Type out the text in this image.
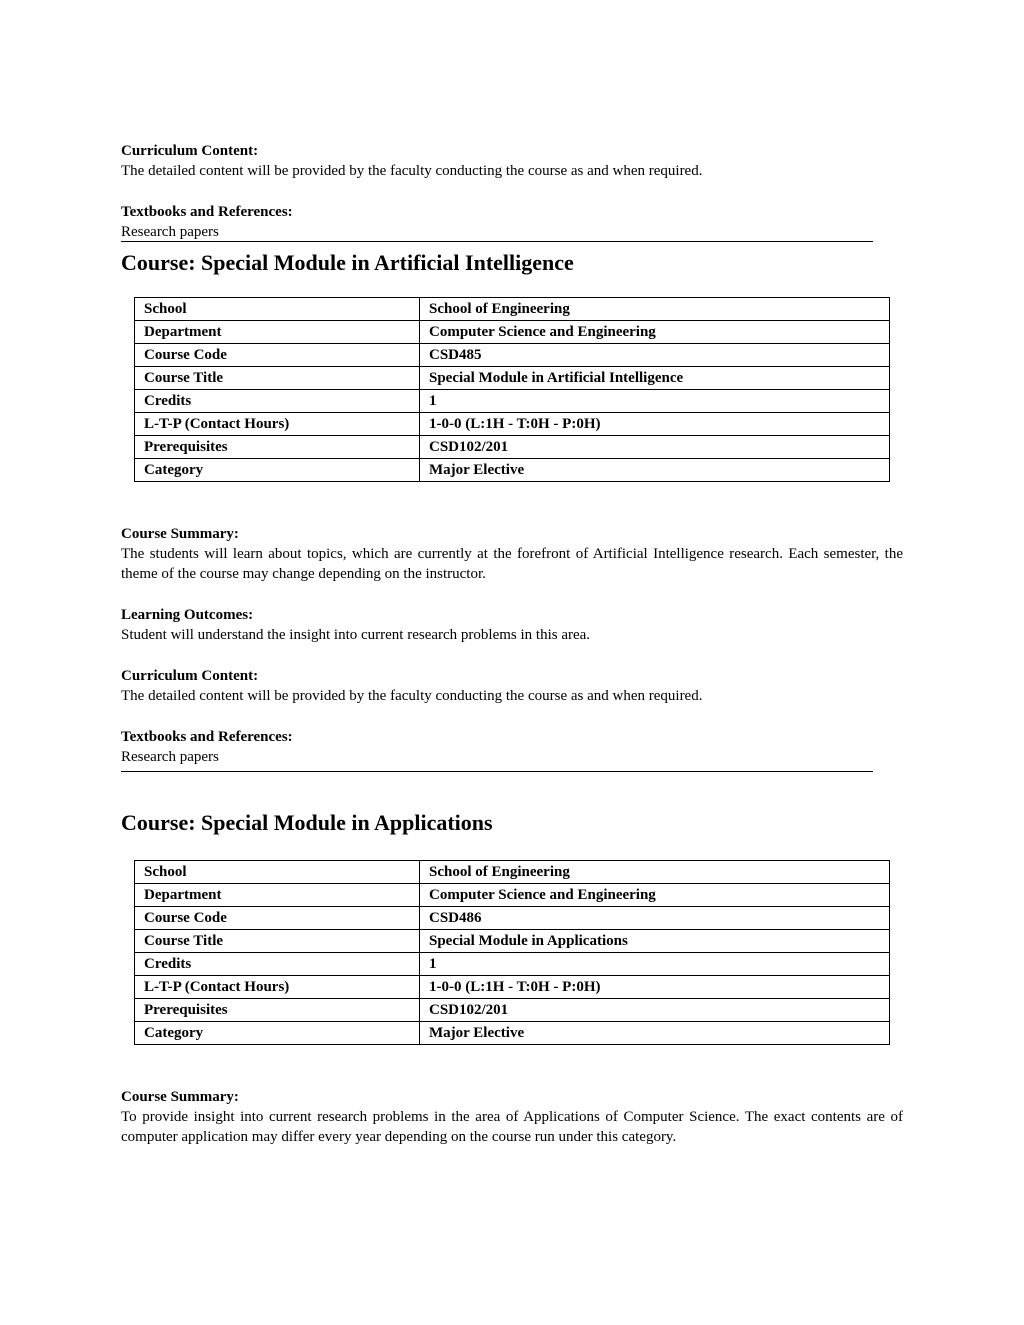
Curriculum Content:
The detailed content will be provided by the faculty conducting the course as and when required.
Textbooks and References:
Research papers
Course: Special Module in Artificial Intelligence
School	School of Engineering
Department	Computer Science and Engineering
Course Code	CSD485
Course Title	Special Module in Artificial Intelligence
Credits	1
L-T-P (Contact Hours)	1-0-0 (L:1H - T:0H - P:0H)
Prerequisites	CSD102/201
Category	Major Elective
Course Summary:
The students will learn about topics, which are currently at the forefront of Artificial Intelligence research. Each semester, the theme of the course may change depending on the instructor.
Learning Outcomes:
Student will understand the insight into current research problems in this area.
Curriculum Content:
The detailed content will be provided by the faculty conducting the course as and when required.
Textbooks and References:
Research papers
Course: Special Module in Applications
School	School of Engineering
Department	Computer Science and Engineering
Course Code	CSD486
Course Title	Special Module in Applications
Credits	1
L-T-P (Contact Hours)	1-0-0 (L:1H - T:0H - P:0H)
Prerequisites	CSD102/201
Category	Major Elective
Course Summary:
To provide insight into current research problems in the area of Applications of Computer Science. The exact contents are of computer application may differ every year depending on the course run under this category.
